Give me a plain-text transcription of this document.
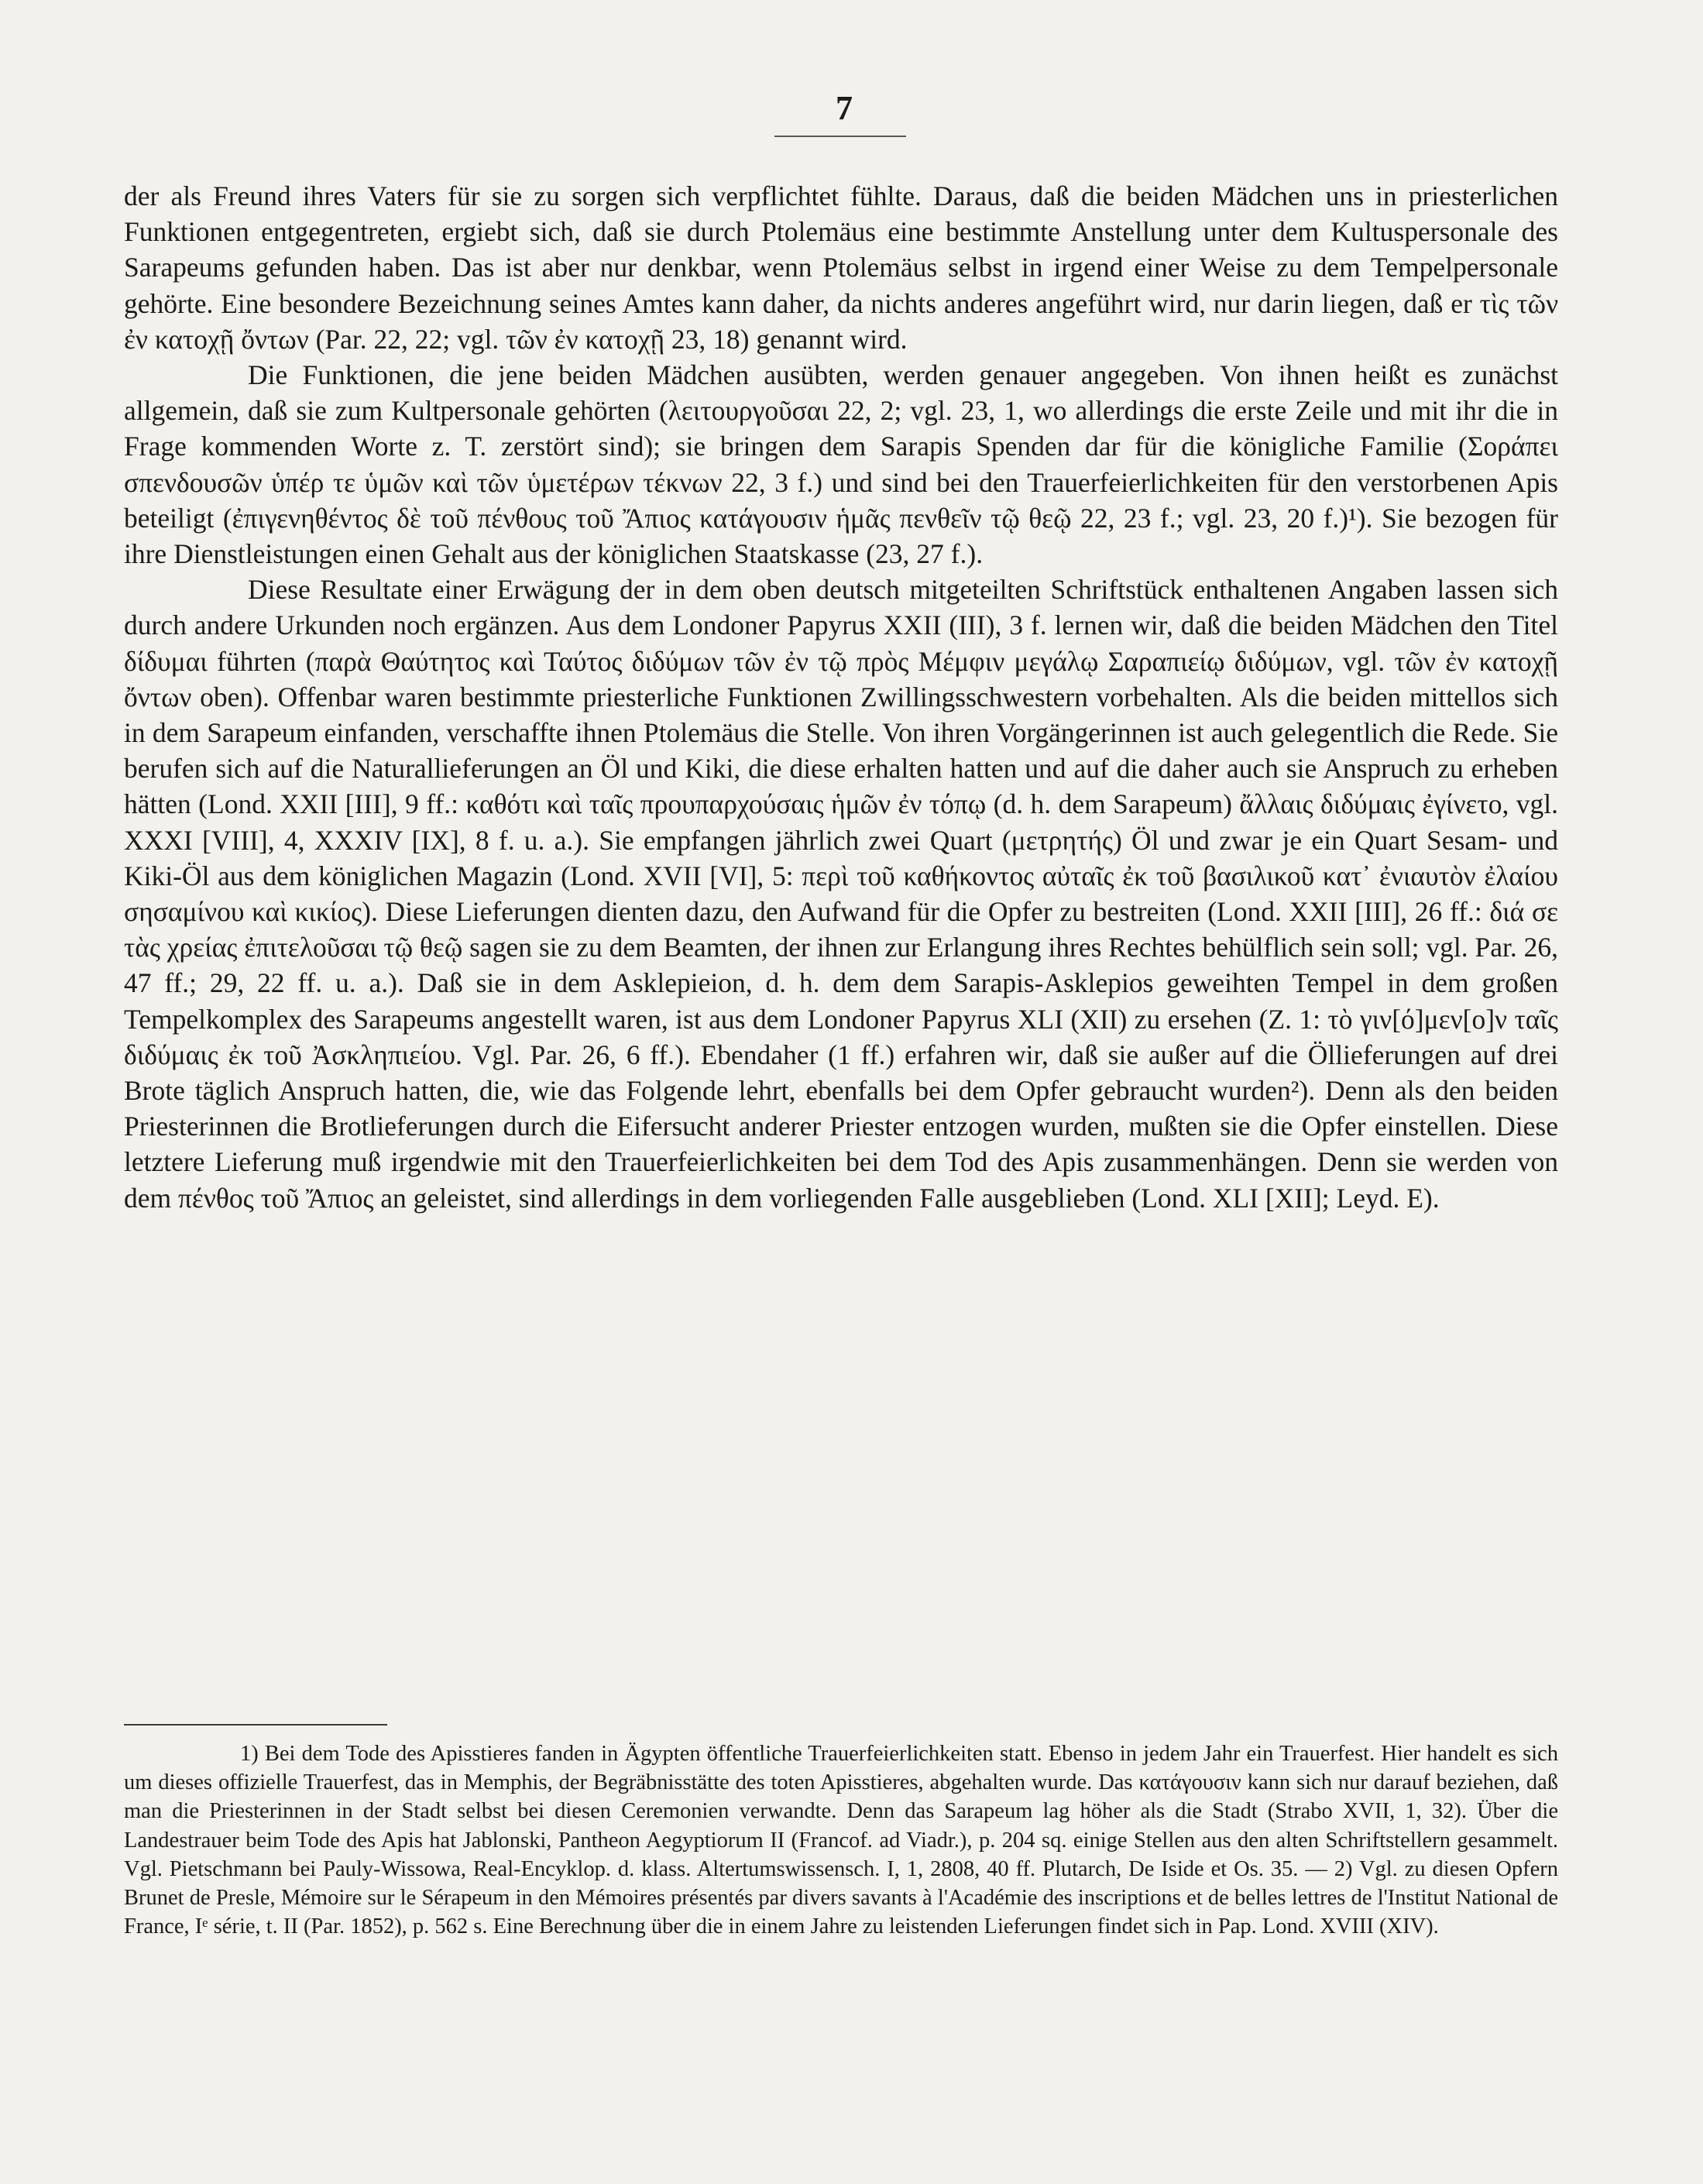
7

der als Freund ihres Vaters für sie zu sorgen sich verpflichtet fühlte. Daraus, daß die beiden Mädchen uns in priesterlichen Funktionen entgegentreten, ergiebt sich, daß sie durch Ptolemäus eine bestimmte Anstellung unter dem Kultuspersonale des Sarapeums gefunden haben. Das ist aber nur denkbar, wenn Ptolemäus selbst in irgend einer Weise zu dem Tempelpersonale gehörte. Eine besondere Bezeichnung seines Amtes kann daher, da nichts anderes angeführt wird, nur darin liegen, daß er τὶς τῶν ἐν κατοχῇ ὄντων (Par. 22, 22; vgl. τῶν ἐν κατοχῇ 23, 18) genannt wird.

Die Funktionen, die jene beiden Mädchen ausübten, werden genauer angegeben. Von ihnen heißt es zunächst allgemein, daß sie zum Kultpersonale gehörten (λειτουργοῦσαι 22, 2; vgl. 23, 1, wo allerdings die erste Zeile und mit ihr die in Frage kommenden Worte z. T. zerstört sind); sie bringen dem Sarapis Spenden dar für die königliche Familie (Σοράπει σπενδουσῶν ὑπέρ τε ὑμῶν καὶ τῶν ὑμετέρων τέκνων 22, 3 f.) und sind bei den Trauerfeierlichkeiten für den verstorbenen Apis beteiligt (ἐπιγενηθέντος δὲ τοῦ πένθους τοῦ Ἄπιος κατάγουσιν ἡμᾶς πενθεῖν τῷ θεῷ 22, 23 f.; vgl. 23, 20 f.)¹). Sie bezogen für ihre Dienstleistungen einen Gehalt aus der königlichen Staatskasse (23, 27 f.).

Diese Resultate einer Erwägung der in dem oben deutsch mitgeteilten Schriftstück enthaltenen Angaben lassen sich durch andere Urkunden noch ergänzen. Aus dem Londoner Papyrus XXII (III), 3 f. lernen wir, daß die beiden Mädchen den Titel δίδυμαι führten (παρὰ Θαύτητος καὶ Ταύτος διδύμων τῶν ἐν τῷ πρὸς Μέμφιν μεγάλῳ Σαραπιείῳ διδύμων, vgl. τῶν ἐν κατοχῇ ὄντων oben). Offenbar waren bestimmte priesterliche Funktionen Zwillingsschwestern vorbehalten. Als die beiden mittellos sich in dem Sarapeum einfanden, verschaffte ihnen Ptolemäus die Stelle. Von ihren Vorgängerinnen ist auch gelegentlich die Rede. Sie berufen sich auf die Naturallieferungen an Öl und Kiki, die diese erhalten hatten und auf die daher auch sie Anspruch zu erheben hätten (Lond. XXII [III], 9 ff.: καθότι καὶ ταῖς προυπαρχούσαις ἡμῶν ἐν τόπῳ (d. h. dem Sarapeum) ἄλλαις διδύμαις ἐγίνετο, vgl. XXXI [VIII], 4, XXXIV [IX], 8 f. u. a.). Sie empfangen jährlich zwei Quart (μετρητής) Öl und zwar je ein Quart Sesam- und Kiki-Öl aus dem königlichen Magazin (Lond. XVII [VI], 5: περὶ τοῦ καθήκοντος αὐταῖς ἐκ τοῦ βασιλικοῦ κατ᾽ ἐνιαυτὸν ἐλαίου σησαμίνου καὶ κικίος). Diese Lieferungen dienten dazu, den Aufwand für die Opfer zu bestreiten (Lond. XXII [III], 26 ff.: διά σε τὰς χρείας ἐπιτελοῦσαι τῷ θεῷ sagen sie zu dem Beamten, der ihnen zur Erlangung ihres Rechtes behülflich sein soll; vgl. Par. 26, 47 ff.; 29, 22 ff. u. a.). Daß sie in dem Asklepieion, d. h. dem dem Sarapis-Asklepios geweihten Tempel in dem großen Tempelkomplex des Sarapeums angestellt waren, ist aus dem Londoner Papyrus XLI (XII) zu ersehen (Z. 1: τὸ γιν[ό]μεν[ο]ν ταῖς διδύμαις ἐκ τοῦ Ἀσκληπιείου. Vgl. Par. 26, 6 ff.). Ebendaher (1 ff.) erfahren wir, daß sie außer auf die Öllieferungen auf drei Brote täglich Anspruch hatten, die, wie das Folgende lehrt, ebenfalls bei dem Opfer gebraucht wurden²). Denn als den beiden Priesterinnen die Brotlieferungen durch die Eifersucht anderer Priester entzogen wurden, mußten sie die Opfer einstellen. Diese letztere Lieferung muß irgendwie mit den Trauerfeierlichkeiten bei dem Tod des Apis zusammenhängen. Denn sie werden von dem πένθος τοῦ Ἄπιος an geleistet, sind allerdings in dem vorliegenden Falle ausgeblieben (Lond. XLI [XII]; Leyd. E).

1) Bei dem Tode des Apisstieres fanden in Ägypten öffentliche Trauerfeierlichkeiten statt. Ebenso in jedem Jahr ein Trauerfest. Hier handelt es sich um dieses offizielle Trauerfest, das in Memphis, der Begräbnisstätte des toten Apisstieres, abgehalten wurde. Das κατάγουσιν kann sich nur darauf beziehen, daß man die Priesterinnen in der Stadt selbst bei diesen Ceremonien verwandte. Denn das Sarapeum lag höher als die Stadt (Strabo XVII, 1, 32). Über die Landestrauer beim Tode des Apis hat Jablonski, Pantheon Aegyptiorum II (Francof. ad Viadr.), p. 204 sq. einige Stellen aus den alten Schriftstellern gesammelt. Vgl. Pietschmann bei Pauly-Wissowa, Real-Encyklop. d. klass. Altertumswissensch. I, 1, 2808, 40 ff. Plutarch, De Iside et Os. 35. — 2) Vgl. zu diesen Opfern Brunet de Presle, Mémoire sur le Sérapeum in den Mémoires présentés par divers savants à l'Académie des inscriptions et de belles lettres de l'Institut National de France, Iᵉ série, t. II (Par. 1852), p. 562 s. Eine Berechnung über die in einem Jahre zu leistenden Lieferungen findet sich in Pap. Lond. XVIII (XIV).
